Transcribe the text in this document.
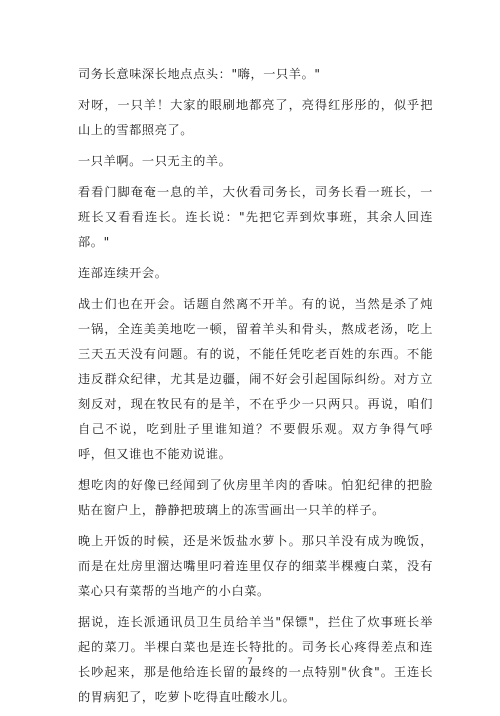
司务长意味深长地点点头："嗨，一只羊。"

对呀，一只羊！大家的眼刷地都亮了，亮得红彤彤的，似乎把山上的雪都照亮了。

一只羊啊。一只无主的羊。

看看门脚奄奄一息的羊，大伙看司务长，司务长看一班长，一班长又看看连长。连长说："先把它弄到炊事班，其余人回连部。"

连部连续开会。

战士们也在开会。话题自然离不开羊。有的说，当然是杀了炖一锅，全连美美地吃一顿，留着羊头和骨头，熬成老汤，吃上三天五天没有问题。有的说，不能任凭吃老百姓的东西。不能违反群众纪律，尤其是边疆，闹不好会引起国际纠纷。对方立刻反对，现在牧民有的是羊，不在乎少一只两只。再说，咱们自己不说，吃到肚子里谁知道？不要假乐观。双方争得气呼呼，但又谁也不能劝说谁。

想吃肉的好像已经闻到了伙房里羊肉的香味。怕犯纪律的把脸贴在窗户上，静静把玻璃上的冻雪画出一只羊的样子。

晚上开饭的时候，还是米饭盐水萝卜。那只羊没有成为晚饭，而是在灶房里溜达嘴里叼着连里仅存的细菜半棵瘦白菜，没有菜心只有菜帮的当地产的小白菜。

据说，连长派通讯员卫生员给羊当"保镖"，拦住了炊事班长举起的菜刀。半棵白菜也是连长特批的。司务长心疼得差点和连长吵起来，那是他给连长留的最终的一点特别"伙食"。王连长的胃病犯了，吃萝卜吃得直吐酸水儿。

7
